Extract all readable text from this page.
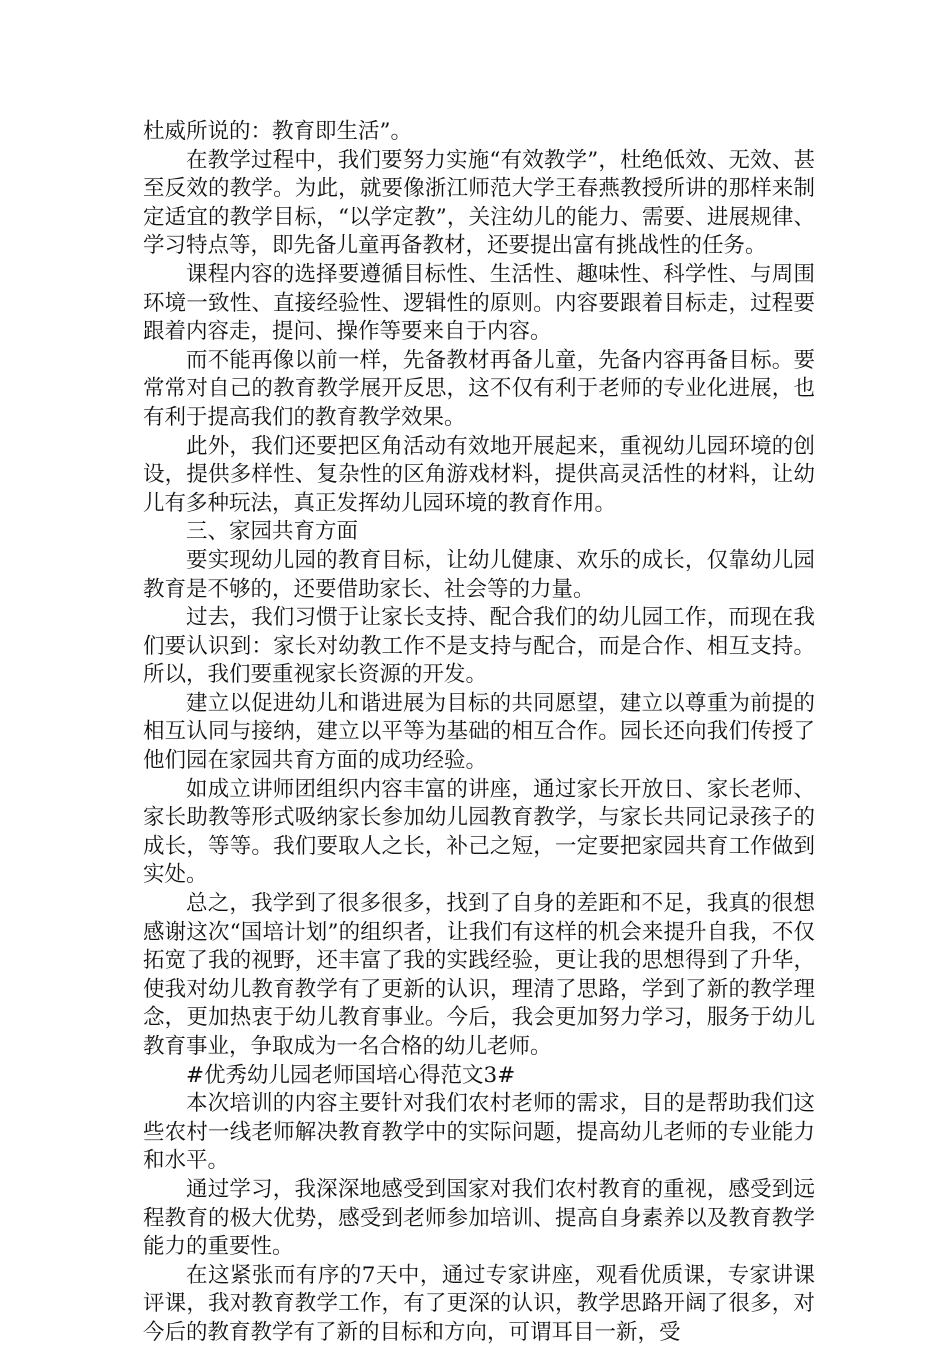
杜威所说的：教育即生活”。

在教学过程中，我们要努力实施“有效教学”，杜绝低效、无效、甚至反效的教学。为此，就要像浙江师范大学王春燕教授所讲的那样来制定适宜的教学目标，“以学定教”，关注幼儿的能力、需要、进展规律、学习特点等，即先备儿童再备教材，还要提出富有挑战性的任务。

课程内容的选择要遵循目标性、生活性、趣味性、科学性、与周围环境一致性、直接经验性、逻辑性的原则。内容要跟着目标走，过程要跟着内容走，提问、操作等要来自于内容。

而不能再像以前一样，先备教材再备儿童，先备内容再备目标。要常常对自己的教育教学展开反思，这不仅有利于老师的专业化进展，也有利于提高我们的教育教学效果。

此外，我们还要把区角活动有效地开展起来，重视幼儿园环境的创设，提供多样性、复杂性的区角游戏材料，提供高灵活性的材料，让幼儿有多种玩法，真正发挥幼儿园环境的教育作用。

三、家园共育方面

要实现幼儿园的教育目标，让幼儿健康、欢乐的成长，仅靠幼儿园教育是不够的，还要借助家长、社会等的力量。

过去，我们习惯于让家长支持、配合我们的幼儿园工作，而现在我们要认识到：家长对幼教工作不是支持与配合，而是合作、相互支持。所以，我们要重视家长资源的开发。

建立以促进幼儿和谐进展为目标的共同愿望，建立以尊重为前提的相互认同与接纳，建立以平等为基础的相互合作。园长还向我们传授了他们园在家园共育方面的成功经验。

如成立讲师团组织内容丰富的讲座，通过家长开放日、家长老师、家长助教等形式吸纳家长参加幼儿园教育教学，与家长共同记录孩子的成长，等等。我们要取人之长，补己之短，一定要把家园共育工作做到实处。

总之，我学到了很多很多，找到了自身的差距和不足，我真的很想感谢这次“国培计划”的组织者，让我们有这样的机会来提升自我，不仅拓宽了我的视野，还丰富了我的实践经验，更让我的思想得到了升华，使我对幼儿教育教学有了更新的认识，理清了思路，学到了新的教学理念，更加热衷于幼儿教育事业。今后，我会更加努力学习，服务于幼儿教育事业，争取成为一名合格的幼儿老师。

#优秀幼儿园老师国培心得范文3#

本次培训的内容主要针对我们农村老师的需求，目的是帮助我们这些农村一线老师解决教育教学中的实际问题，提高幼儿老师的专业能力和水平。

通过学习，我深深地感受到国家对我们农村教育的重视，感受到远程教育的极大优势，感受到老师参加培训、提高自身素养以及教育教学能力的重要性。

在这紧张而有序的7天中，通过专家讲座，观看优质课，专家讲课评课，我对教育教学工作，有了更深的认识，教学思路开阔了很多，对今后的教育教学有了新的目标和方向，可谓耳目一新，受
